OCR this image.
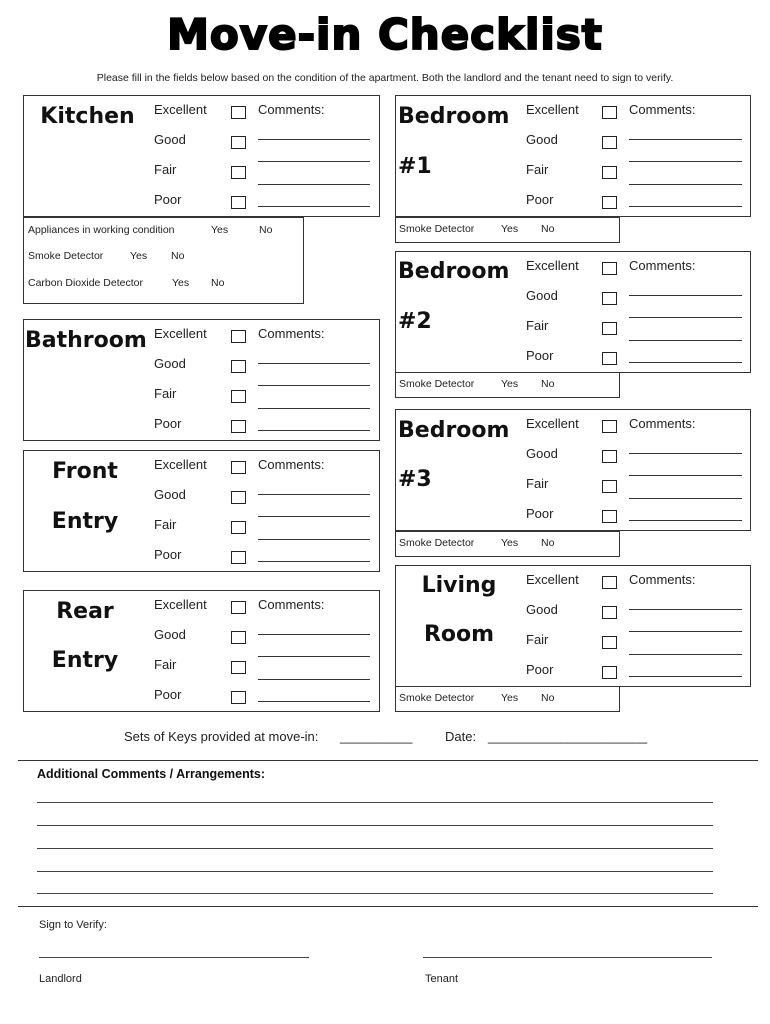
Move-in Checklist
Please fill in the fields below based on the condition of the apartment. Both the landlord and the tenant need to sign to verify.
Kitchen	Excellent
Good
Fair
Poor
Comments:
Bathroom Excellent
Good
Fair
Poor
Comments:
Front
Entry
Excellent
Good
Fair
Poor
Comments:
Rear
Entry
Excellent
Good
Fair
Poor
Comments:
Bedroom
#1
Excellent
Good
Fair
Poor
Comments:
Bedroom
#2
Excellent
Good
Fair
Poor
Comments:
Bedroom
#3
Excellent
Good
Fair
Poor
Comments:
Living
Room
Excellent
Good
Fair
Poor
Comments:
Appliances in working condition	Yes	No
Smoke Detector	Yes No
Carbon Dioxide Detector	Yes No
Smoke Detector	Yes No
Smoke Detector	Yes No
Smoke Detector	Yes No
Smoke Detector	Yes No
Sets of Keys provided at move-in: __________	Date: ______________________
Additional Comments / Arrangements:
Sign to Verify:
Landlord	Tenant
